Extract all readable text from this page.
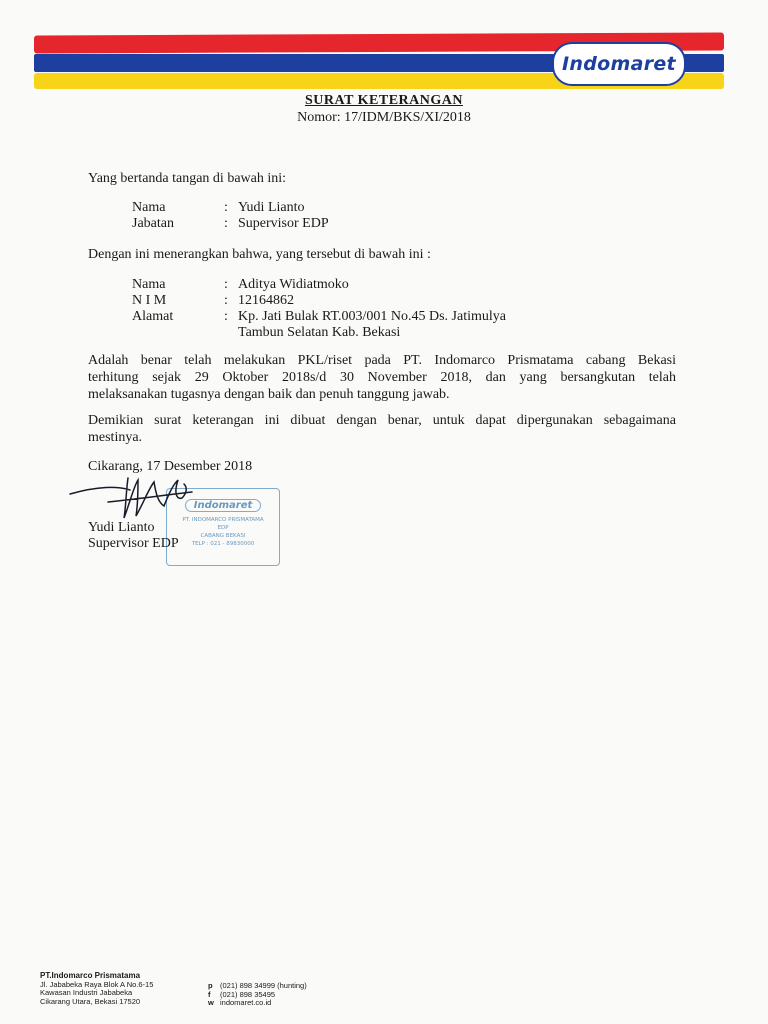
Indomaret
SURAT KETERANGAN
Nomor: 17/IDM/BKS/XI/2018
Yang bertanda tangan di bawah ini:
Nama	: Yudi Lianto
Jabatan	: Supervisor EDP
Dengan ini menerangkan bahwa, yang tersebut di bawah ini :
Nama	: Aditya Widiatmoko
N I M	: 12164862
Alamat	: Kp. Jati Bulak RT.003/001 No.45 Ds. Jatimulya
Tambun Selatan Kab. Bekasi
Adalah benar telah melakukan PKL/riset pada PT. Indomarco Prismatama cabang Bekasi
terhitung sejak 29 Oktober 2018s/d 30 November 2018, dan yang bersangkutan telah
melaksanakan tugasnya dengan baik dan penuh tanggung jawab.
Demikian surat keterangan ini dibuat dengan benar, untuk dapat dipergunakan sebagaimana
mestinya.
Cikarang, 17 Desember 2018
Indomaret
PT. INDOMARCO PRISMATAMA
EDP
CABANG BEKASI
TELP : 021 - 89830000
Yudi Lianto
Supervisor EDP
PT.Indomarco Prismatama
Jl. Jababeka Raya Blok A No.6-15
Kawasan Industri Jababeka
Cikarang Utara, Bekasi 17520
p (021) 898 34999 (hunting)
f	(021) 898 35495
w indomaret.co.id
